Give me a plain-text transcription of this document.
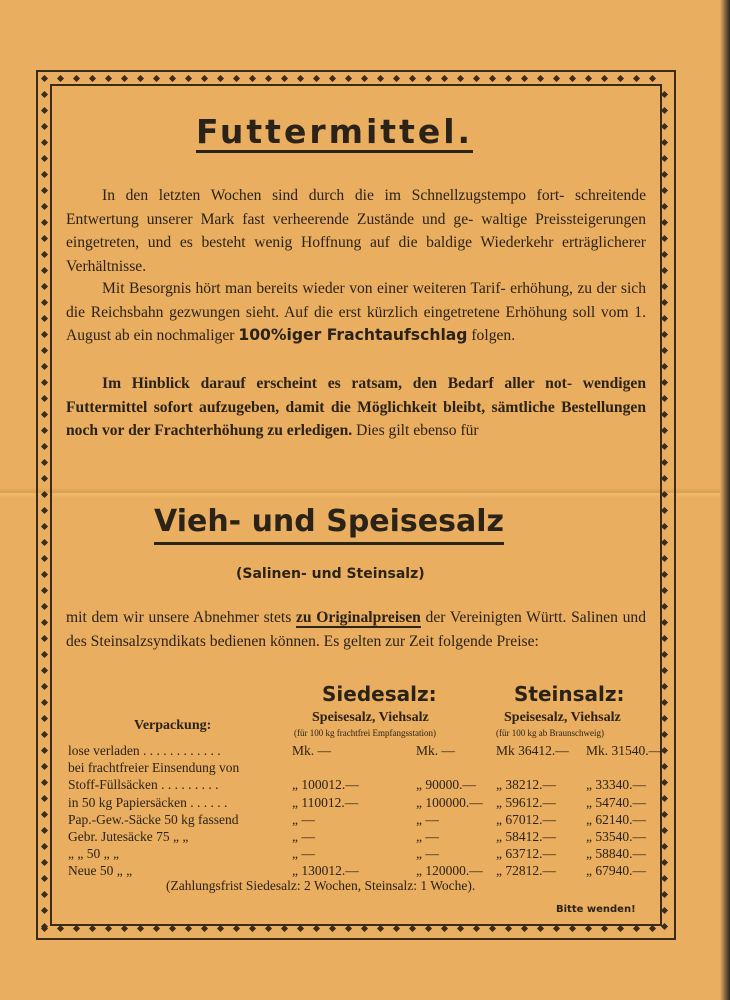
Futtermittel.
In den letzten Wochen sind durch die im Schnellzugstempo fort- schreitende Entwertung unserer Mark fast verheerende Zustände und ge- waltige Preissteigerungen eingetreten, und es besteht wenig Hoffnung auf die baldige Wiederkehr erträglicherer Verhältnisse.
Mit Besorgnis hört man bereits wieder von einer weiteren Tarif- erhöhung, zu der sich die Reichsbahn gezwungen sieht. Auf die erst kürzlich eingetretene Erhöhung soll vom 1. August ab ein nochmaliger 100%iger Frachtaufschlag folgen.
Im Hinblick darauf erscheint es ratsam, den Bedarf aller not- wendigen Futtermittel sofort aufzugeben, damit die Möglichkeit bleibt, sämtliche Bestellungen noch vor der Frachterhöhung zu erledigen. Dies gilt ebenso für
Vieh- und Speisesalz
(Salinen- und Steinsalz)
mit dem wir unsere Abnehmer stets zu Originalpreisen der Vereinigten Württ. Salinen und des Steinsalzsyndikats bedienen können. Es gelten zur Zeit folgende Preise:
Siedesalz:	Steinsalz:
Verpackung:
Speisesalz, Viehsalz
(für 100 kg frachtfrei Empfangsstation)
Speisesalz, Viehsalz
(für 100 kg ab Braunschweig)
lose verladen . . . . . . . . . . . .	Mk. —	Mk. —	Mk 36412.— Mk. 31540.—
bei frachtfreier Einsendung von
Stoff-Füllsäcken . . . . . . . . .	„ 100012.—	„ 90000.— „ 38212.— „ 33340.—
in 50 kg Papiersäcken . . . . . .	„ 110012.—	„ 100000.— „ 59612.— „ 54740.—
Pap.-Gew.-Säcke 50 kg fassend	„ —	„ —	„ 67012.— „ 62140.—
Gebr. Jutesäcke 75 „ „	„ —	„ —	„ 58412.— „ 53540.—
„ „ 50 „ „	„ —	„ —	„ 63712.— „ 58840.—
Neue 50 „ „	„ 130012.—	„ 120000.— „ 72812.— „ 67940.—
(Zahlungsfrist Siedesalz: 2 Wochen, Steinsalz: 1 Woche).
Bitte wenden!
